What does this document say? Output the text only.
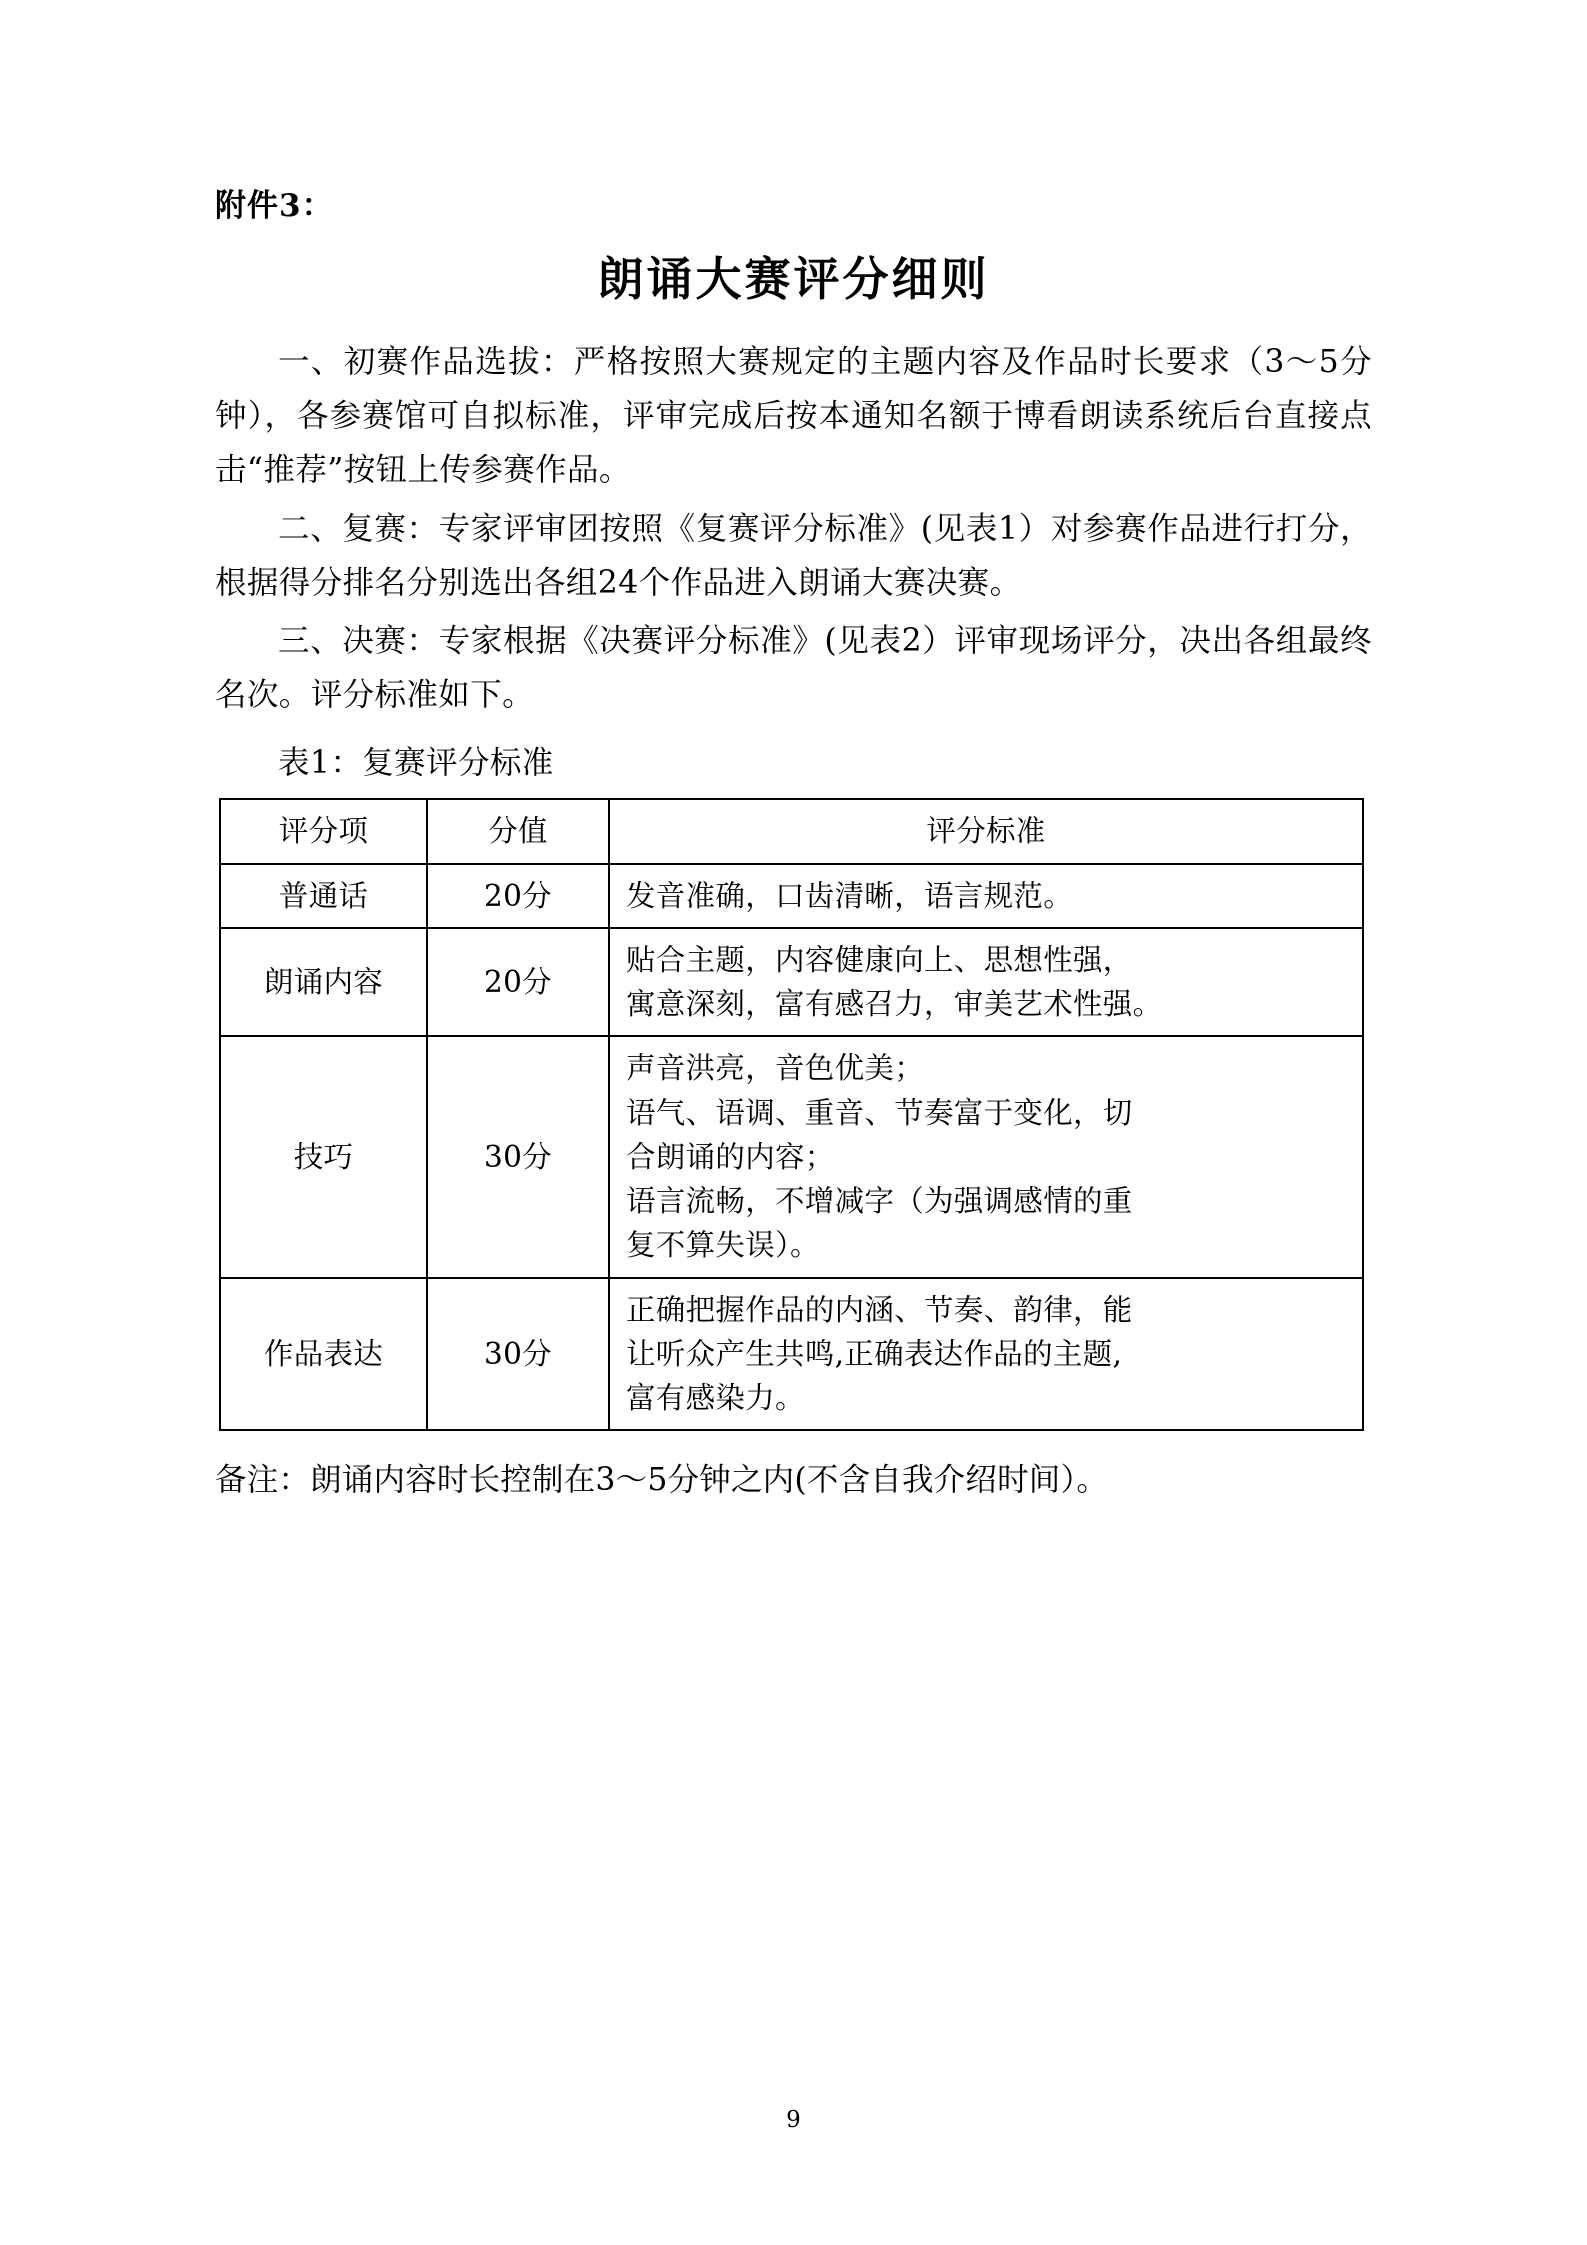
附件3：
朗诵大赛评分细则

一、初赛作品选拔：严格按照大赛规定的主题内容及作品时长要求（3～5分钟），各参赛馆可自拟标准，评审完成后按本通知名额于博看朗读系统后台直接点击“推荐”按钮上传参赛作品。

二、复赛：专家评审团按照《复赛评分标准》(见表1）对参赛作品进行打分，根据得分排名分别选出各组24个作品进入朗诵大赛决赛。

三、决赛：专家根据《决赛评分标准》(见表2）评审现场评分，决出各组最终名次。评分标准如下。

表1：复赛评分标准
评分项	分值	评分标准
普通话	20分	发音准确，口齿清晰，语言规范。

朗诵内容	20分	贴合主题，内容健康向上、思想性强，
寓意深刻，富有感召力，审美艺术性强。

技巧	30分	声音洪亮，音色优美；
语气、语调、重音、节奏富于变化，切
合朗诵的内容；
语言流畅，不增减字（为强调感情的重
复不算失误）。

作品表达	30分	正确把握作品的内涵、节奏、韵律，能
让听众产生共鸣,正确表达作品的主题,
富有感染力。

备注：朗诵内容时长控制在3～5分钟之内(不含自我介绍时间）。

9
